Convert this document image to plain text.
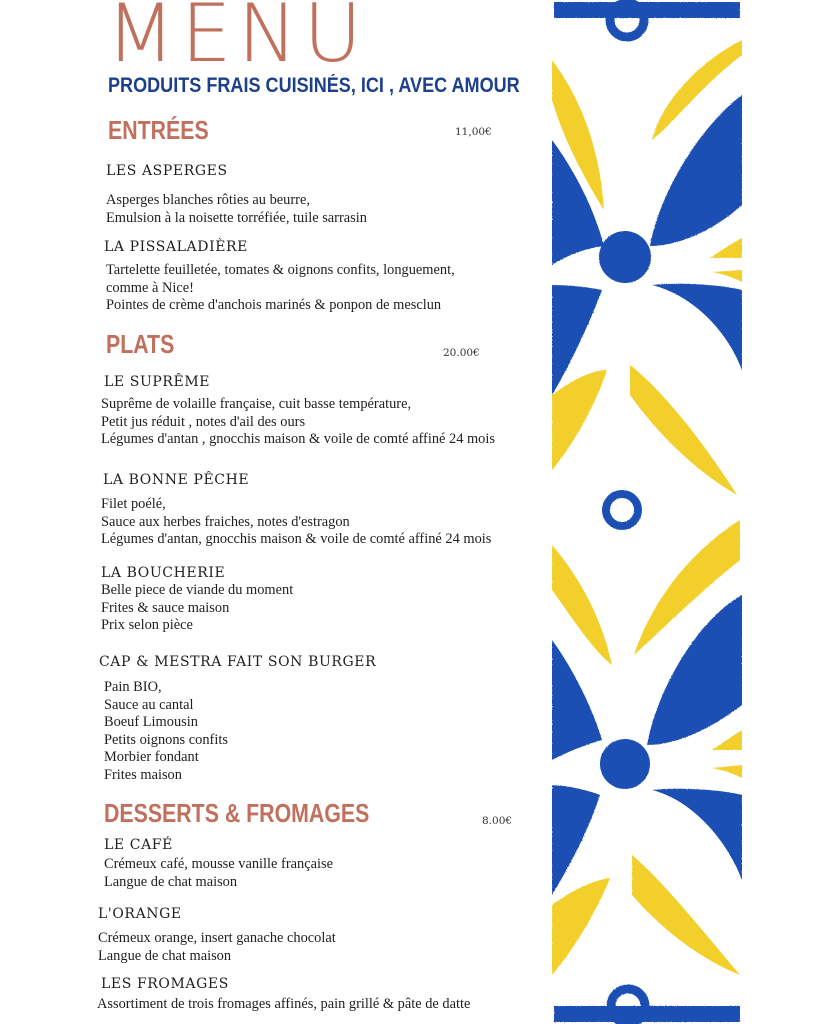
MENU
PRODUITS FRAIS CUISINÉS, ICI , AVEC AMOUR
ENTRÉES	11,00€
LES ASPERGES
Asperges blanches rôties au beurre,
Emulsion à la noisette torréfiée, tuile sarrasin
LA PISSALADIÈRE
Tartelette feuilletée, tomates & oignons confits, longuement,
comme à Nice!
Pointes de crème d'anchois marinés & ponpon de mesclun
PLATS	20.00€
LE SUPRÊME
Suprême de volaille française, cuit basse température,
Petit jus réduit , notes d'ail des ours
Légumes d'antan , gnocchis maison & voile de comté affiné 24 mois
LA BONNE PÊCHE
Filet poélé,
Sauce aux herbes fraiches, notes d'estragon
Légumes d'antan, gnocchis maison & voile de comté affiné 24 mois
LA BOUCHERIE
Belle piece de viande du moment
Frites & sauce maison
Prix selon pièce
CAP & MESTRA FAIT SON BURGER
Pain BIO,
Sauce au cantal
Boeuf Limousin
Petits oignons confits
Morbier fondant
Frites maison
DESSERTS & FROMAGES	8.00€
LE CAFÉ
Crémeux café, mousse vanille française
Langue de chat maison
L'ORANGE
Crémeux orange, insert ganache chocolat
Langue de chat maison
LES FROMAGES
Assortiment de trois fromages affinés, pain grillé & pâte de datte
